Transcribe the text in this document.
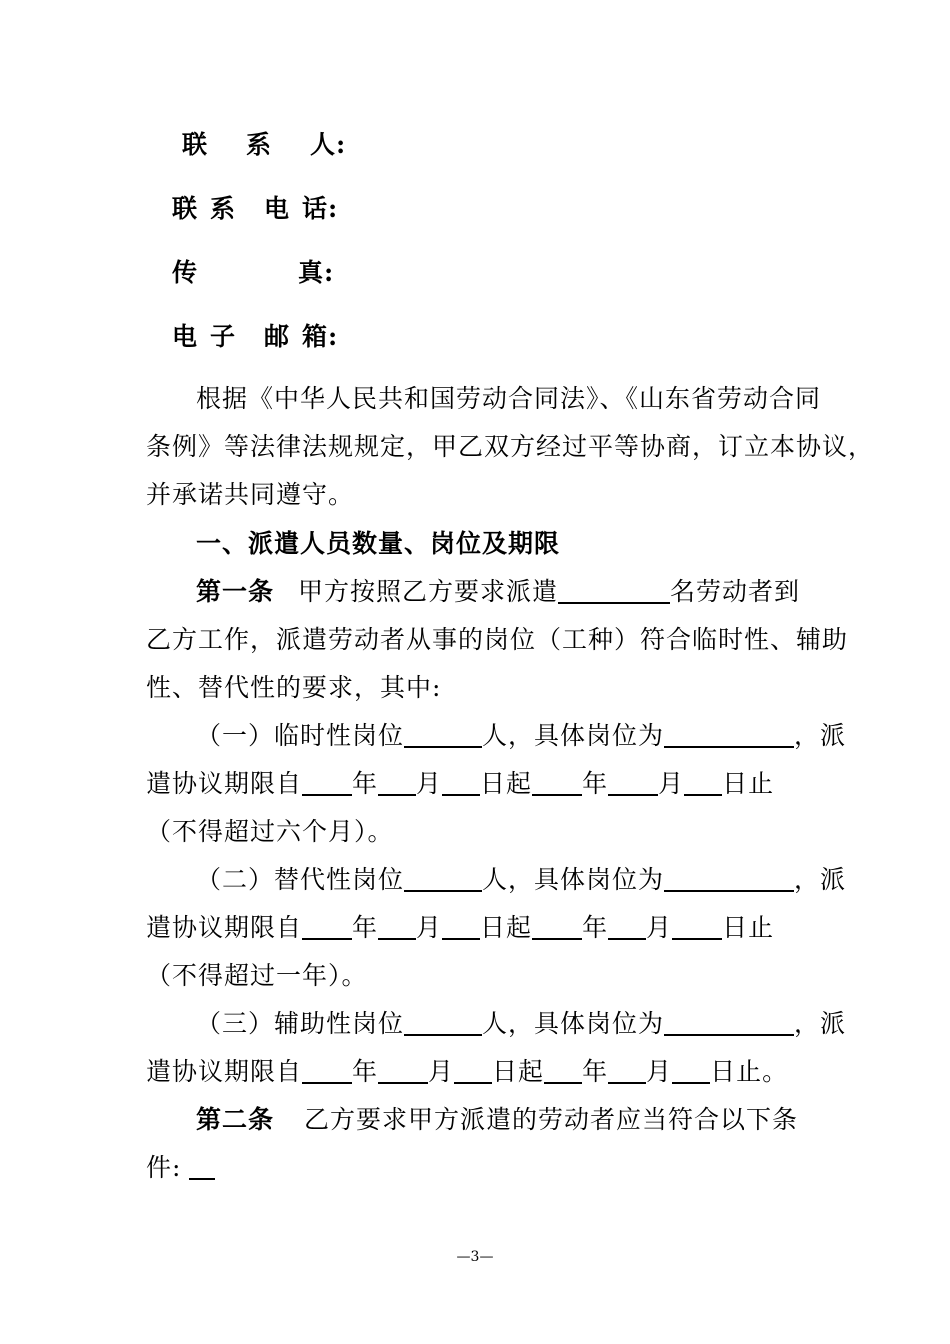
联 系 人:
联 系 电 话:
传	真:
电 子 邮 箱:
根据《中华人民共和国劳动合同法》、《山东省劳动合同
条例》等法律法规规定，甲乙双方经过平等协商，订立本协议，
并承诺共同遵守。
一、派遣人员数量、岗位及期限
第一条 甲方按照乙方要求派遣	名劳动者到
乙方工作，派遣劳动者从事的岗位（工种）符合临时性、辅助
性、替代性的要求，其中:
（一）临时性岗位	人，具体岗位为	，派
遣协议期限自 年 月 日起 年 月 日止
（不得超过六个月）。
（二）替代性岗位	人，具体岗位为	，派
遣协议期限自 年 月 日起 年 月 日止
（不得超过一年）。
（三）辅助性岗位	人，具体岗位为	，派
遣协议期限自 年 月 日起 年 月 日止。
第二条 乙方要求甲方派遣的劳动者应当符合以下条
件:
—3—
